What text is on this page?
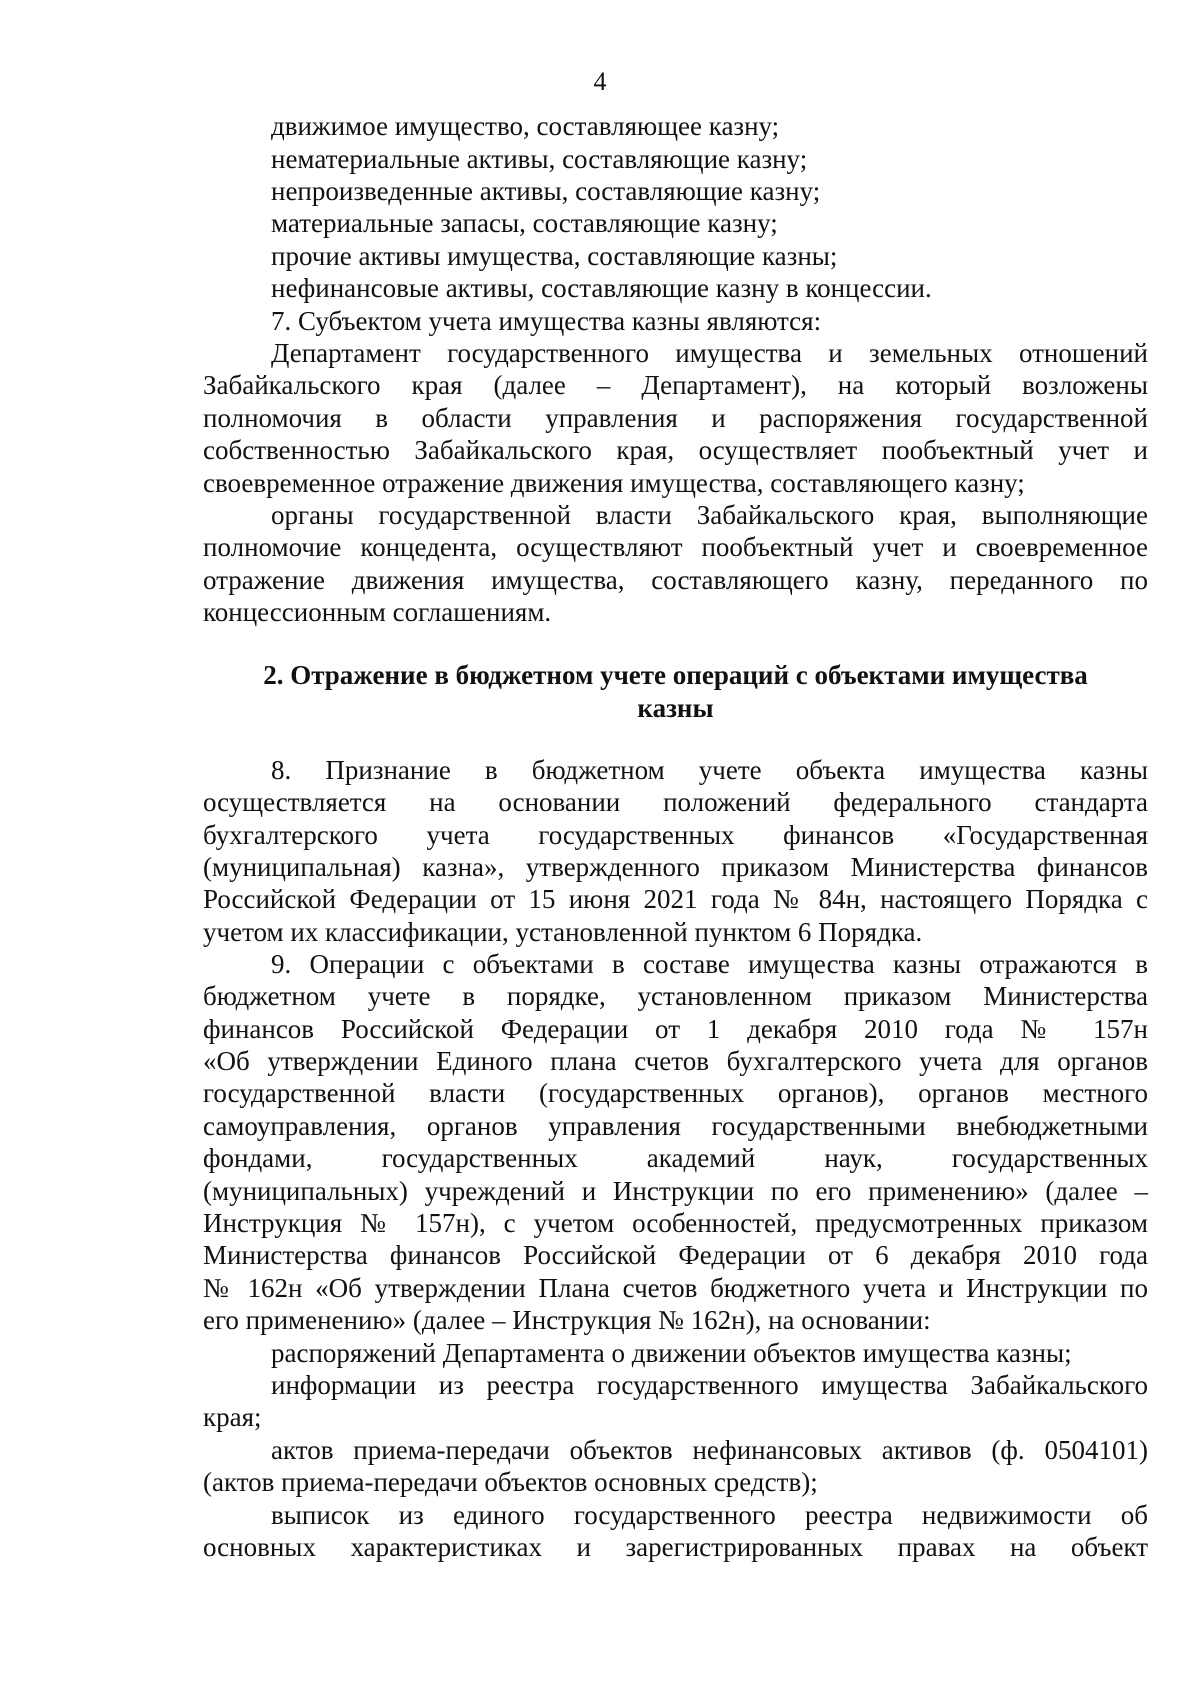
4
движимое имущество, составляющее казну;
нематериальные активы, составляющие казну;
непроизведенные активы, составляющие казну;
материальные запасы, составляющие казну;
прочие активы имущества, составляющие казны;
нефинансовые активы, составляющие казну в концессии.
7. Субъектом учета имущества казны являются:
Департамент государственного имущества и земельных отношений
Забайкальского края (далее – Департамент), на который возложены
полномочия в области управления и распоряжения государственной
собственностью Забайкальского края, осуществляет пообъектный учет и
своевременное отражение движения имущества, составляющего казну;
органы государственной власти Забайкальского края, выполняющие
полномочие концедента, осуществляют пообъектный учет и своевременное
отражение движения имущества, составляющего казну, переданного по
концессионным соглашениям.
2. Отражение в бюджетном учете операций с объектами имущества
казны
8. Признание в бюджетном учете объекта имущества казны
осуществляется на основании положений федерального стандарта
бухгалтерского учета государственных финансов «Государственная
(муниципальная) казна», утвержденного приказом Министерства финансов
Российской Федерации от 15 июня 2021 года № 84н, настоящего Порядка с
учетом их классификации, установленной пунктом 6 Порядка.
9. Операции с объектами в составе имущества казны отражаются в
бюджетном учете в порядке, установленном приказом Министерства
финансов Российской Федерации от 1 декабря 2010 года № 157н
«Об утверждении Единого плана счетов бухгалтерского учета для органов
государственной власти (государственных органов), органов местного
самоуправления, органов управления государственными внебюджетными
фондами, государственных академий наук, государственных
(муниципальных) учреждений и Инструкции по его применению» (далее –
Инструкция № 157н), с учетом особенностей, предусмотренных приказом
Министерства финансов Российской Федерации от 6 декабря 2010 года
№ 162н «Об утверждении Плана счетов бюджетного учета и Инструкции по
его применению» (далее – Инструкция № 162н), на основании:
распоряжений Департамента о движении объектов имущества казны;
информации из реестра государственного имущества Забайкальского
края;
актов приема-передачи объектов нефинансовых активов (ф. 0504101)
(актов приема-передачи объектов основных средств);
выписок из единого государственного реестра недвижимости об
основных характеристиках и зарегистрированных правах на объект
